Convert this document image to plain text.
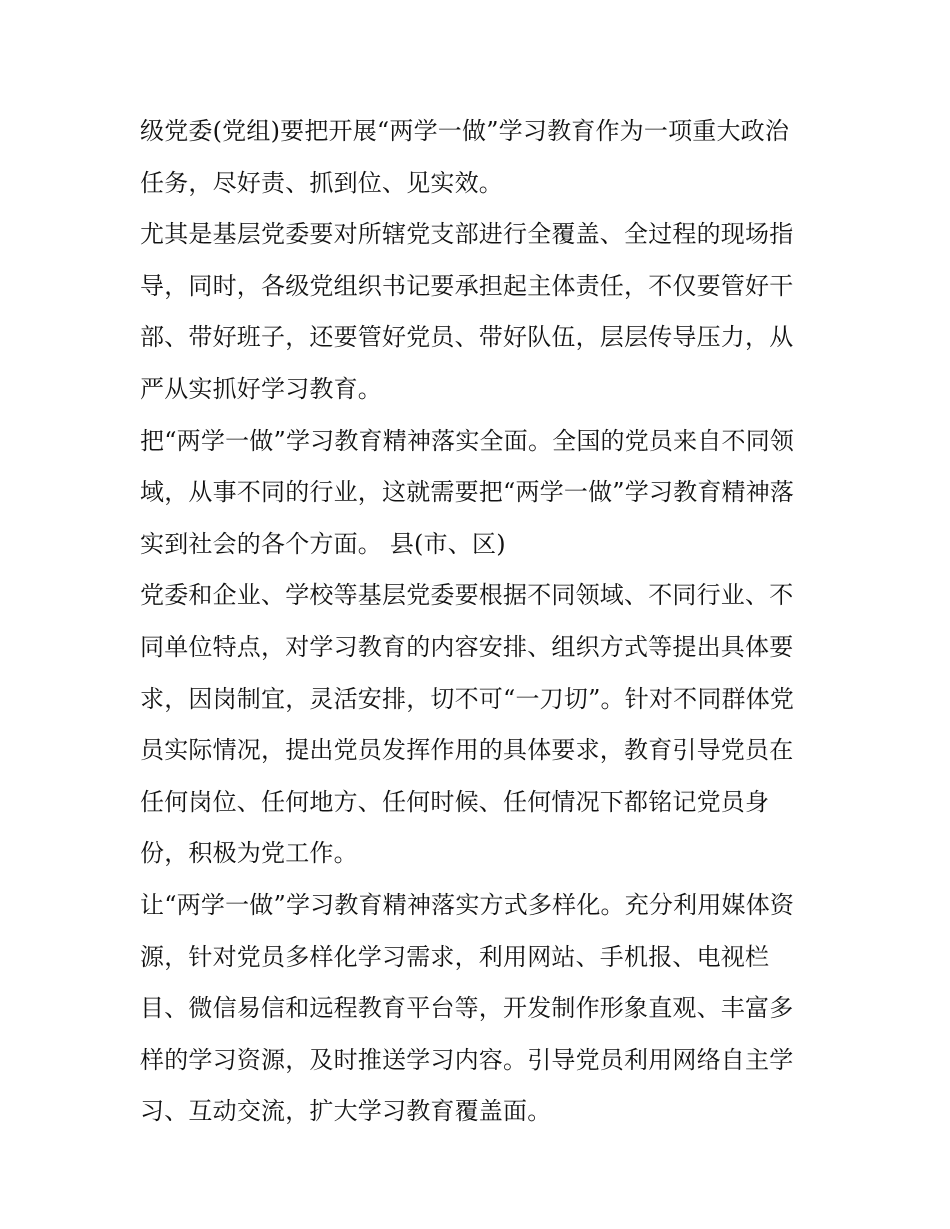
级党委(党组)要把开展“两学一做”学习教育作为一项重大政治
任务，尽好责、抓到位、见实效。
尤其是基层党委要对所辖党支部进行全覆盖、全过程的现场指
导，同时，各级党组织书记要承担起主体责任，不仅要管好干
部、带好班子，还要管好党员、带好队伍，层层传导压力，从
严从实抓好学习教育。
把“两学一做”学习教育精神落实全面。全国的党员来自不同领
域，从事不同的行业，这就需要把“两学一做”学习教育精神落
实到社会的各个方面。 县(市、区)
党委和企业、学校等基层党委要根据不同领域、不同行业、不
同单位特点，对学习教育的内容安排、组织方式等提出具体要
求，因岗制宜，灵活安排，切不可“一刀切”。针对不同群体党
员实际情况，提出党员发挥作用的具体要求，教育引导党员在
任何岗位、任何地方、任何时候、任何情况下都铭记党员身
份，积极为党工作。
让“两学一做”学习教育精神落实方式多样化。充分利用媒体资
源，针对党员多样化学习需求，利用网站、手机报、电视栏
目、微信易信和远程教育平台等，开发制作形象直观、丰富多
样的学习资源，及时推送学习内容。引导党员利用网络自主学
习、互动交流，扩大学习教育覆盖面。
